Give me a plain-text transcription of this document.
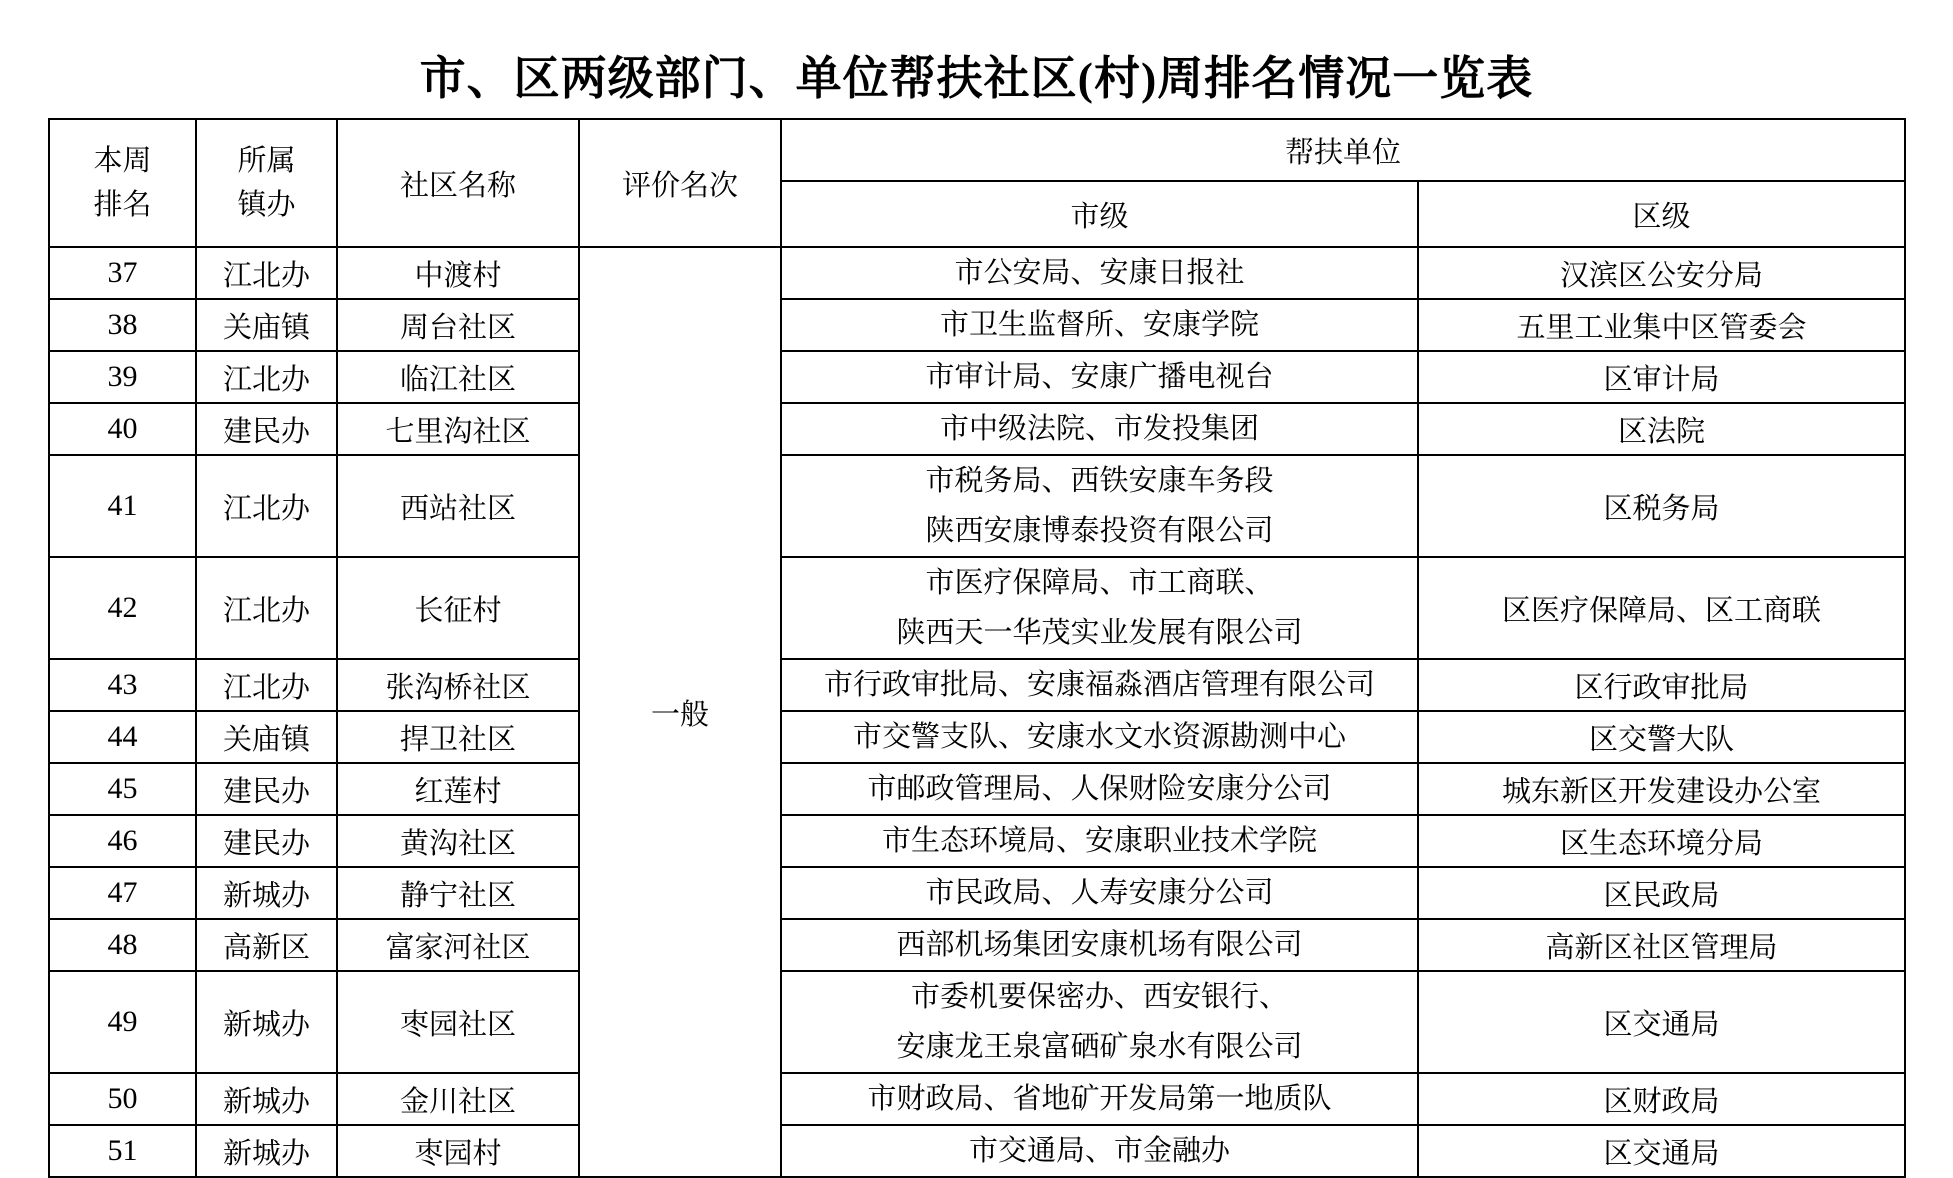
市、区两级部门、单位帮扶社区(村)周排名情况一览表
本周
排名

所属
镇办
	社区名称	评价名次	帮扶单位
				市级	区级
37	江北办	中渡村	一般	市公安局、安康日报社	汉滨区公安分局
38	关庙镇	周台社区		市卫生监督所、安康学院	五里工业集中区管委会
39	江北办	临江社区		市审计局、安康广播电视台	区审计局
40	建民办	七里沟社区		市中级法院、市发投集团	区法院
41	江北办	西站社区		市税务局、西铁安康车务段
陕西安康博泰投资有限公司	区税务局
42	江北办	长征村		市医疗保障局、市工商联、
陕西天一华茂实业发展有限公司	区医疗保障局、区工商联
43	江北办	张沟桥社区		市行政审批局、安康福淼酒店管理有限公司	区行政审批局
44	关庙镇	捍卫社区		市交警支队、安康水文水资源勘测中心	区交警大队
45	建民办	红莲村		市邮政管理局、人保财险安康分公司	城东新区开发建设办公室
46	建民办	黄沟社区		市生态环境局、安康职业技术学院	区生态环境分局
47	新城办	静宁社区		市民政局、人寿安康分公司	区民政局
48	高新区	富家河社区		西部机场集团安康机场有限公司	高新区社区管理局
49	新城办	枣园社区		市委机要保密办、西安银行、
安康龙王泉富硒矿泉水有限公司	区交通局
50	新城办	金川社区		市财政局、省地矿开发局第一地质队	区财政局
51	新城办	枣园村		市交通局、市金融办	区交通局
